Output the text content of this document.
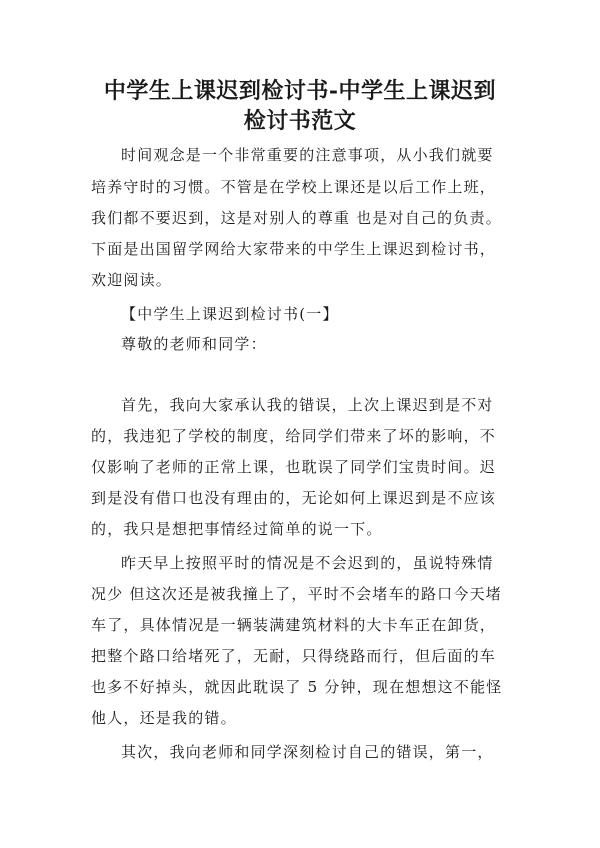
中学生上课迟到检讨书-中学生上课迟到
检讨书范文
时间观念是一个非常重要的注意事项，从小我们就要
培养守时的习惯。不管是在学校上课还是以后工作上班，
我们都不要迟到，这是对别人的尊重 也是对自己的负责。
下面是出国留学网给大家带来的中学生上课迟到检讨书，
欢迎阅读。
【中学生上课迟到检讨书(一】
尊敬的老师和同学：
首先，我向大家承认我的错误，上次上课迟到是不对
的，我违犯了学校的制度，给同学们带来了坏的影响，不
仅影响了老师的正常上课，也耽误了同学们宝贵时间。迟
到是没有借口也没有理由的，无论如何上课迟到是不应该
的，我只是想把事情经过简单的说一下。
昨天早上按照平时的情况是不会迟到的，虽说特殊情
况少 但这次还是被我撞上了，平时不会堵车的路口今天堵
车了，具体情况是一辆装满建筑材料的大卡车正在卸货，
把整个路口给堵死了，无耐，只得绕路而行，但后面的车
也多不好掉头，就因此耽误了 5 分钟，现在想想这不能怪
他人，还是我的错。
其次，我向老师和同学深刻检讨自己的错误，第一，
